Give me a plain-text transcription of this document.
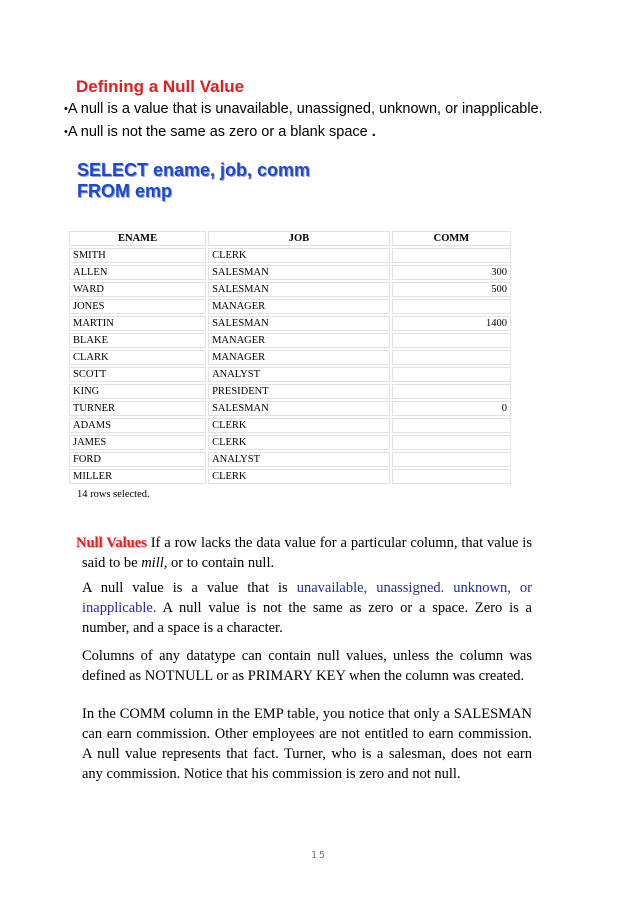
Defining a Null Value
•A null is a value that is unavailable, unassigned, unknown, or inapplicable.
•A null is not the same as zero or a blank space .
SELECT ename, job, comm
FROM emp
ENAME	JOB	COMM
SMITH	CLERK	
ALLEN	SALESMAN	300
WARD	SALESMAN	500
JONES	MANAGER	
MARTIN	SALESMAN	1400
BLAKE	MANAGER	
CLARK	MANAGER	
SCOTT	ANALYST	
KING	PRESIDENT	
TURNER	SALESMAN	0
ADAMS	CLERK	
JAMES	CLERK	
FORD	ANALYST	
MILLER	CLERK	
14 rows selected.
Null Values If a row lacks the data value for a particular column, that value is said to be mill, or to contain null.
A null value is a value that is unavailable, unassigned. unknown, or inapplicable. A null value is not the same as zero or a space. Zero is a number, and a space is a character.
Columns of any datatype can contain null values, unless the column was defined as NOTNULL or as PRIMARY KEY when the column was created.
In the COMM column in the EMP table, you notice that only a SALESMAN can earn commission. Other employees are not entitled to earn commission. A null value represents that fact. Turner, who is a salesman, does not earn any commission. Notice that his commission is zero and not null.
15
